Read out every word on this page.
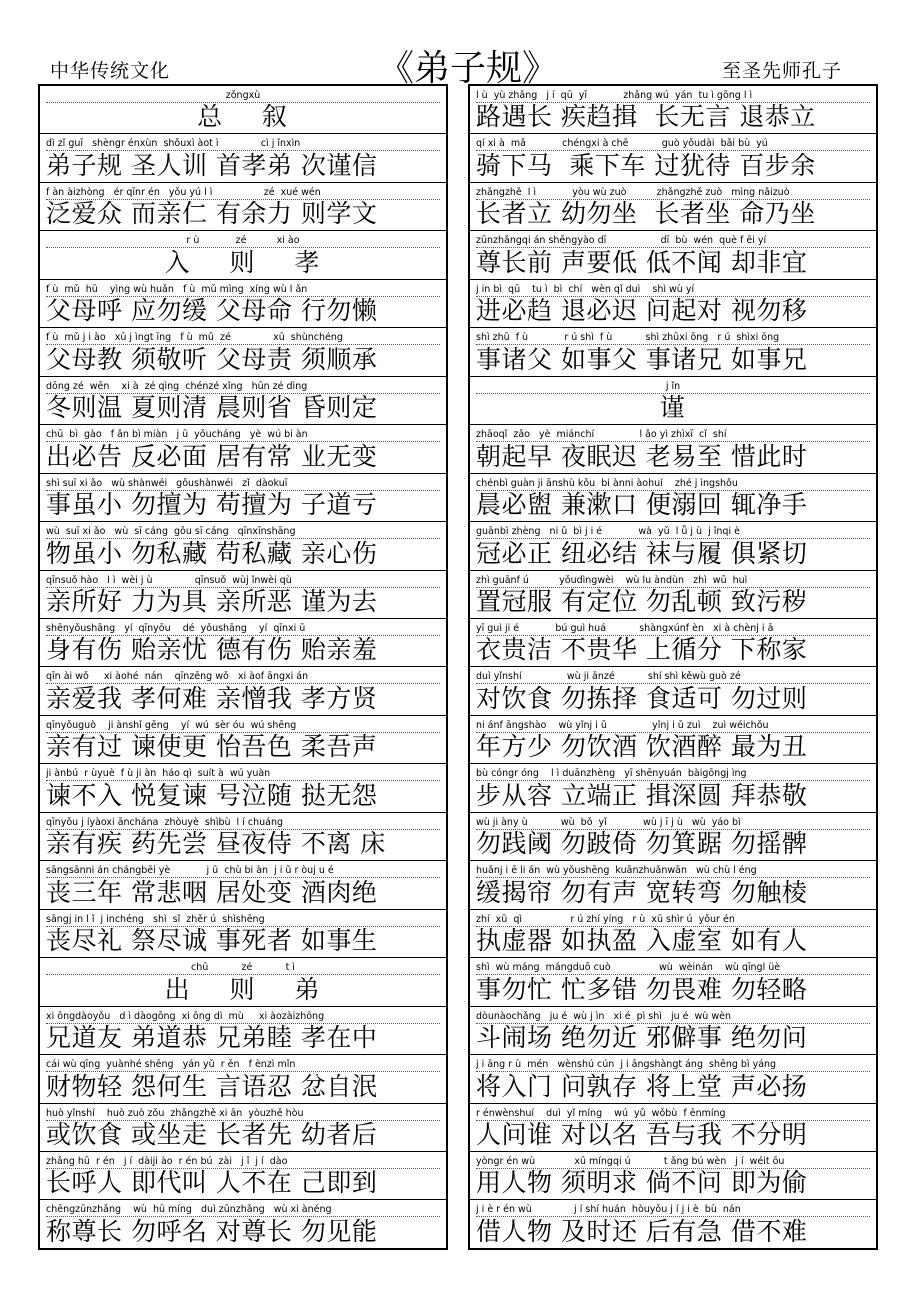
中华传统文化	《弟子规》	至圣先师孔子
zǒngxù
总   叙
dì zǐ guī   shèngr énxùn  shǒuxì àot ì              cì j ǐnxìn
弟子规 圣人训 首孝弟 次谨信
f àn àizhòng   ér qīnr én   yǒu yú l ì                 zé  xué wén
泛爱众 而亲仁 有余力 则学文
r ù            zé          xi ào
入   则   孝
f ù  mǔ  hū    yìng wù huǎn   f ù  mǔ mìng  xíng wù l ǎn
父母呼 应勿缓 父母命 行勿懒
f ù  mǔ j i ào   xū j ìngt īng   f ù  mǔ  zé              xū  shùnchéng
父母教 须敬听 父母责 须顺承
dōng zé  wēn    xi à  zé qìng  chénzé xǐng   hūn zé dìng
冬则温 夏则清 晨则省 昏则定
chū  bì  gào   f ǎn bì miàn   j ū  yǒucháng   yè  wú bi àn
出必告 反必面 居有常 业无变
shì suī xi ǎo   wù shànwéi   gǒushànwéi   zǐ  dàokuī
事虽小 勿擅为 苟擅为 子道亏
wù  suī xi ǎo   wù  sī cáng  gǒu sī cáng   qīnxīnshāng
物虽小 勿私藏 苟私藏 亲心伤
qīnsuǒ hào   l ì  wèi j ù              qīnsuǒ  wùj ǐnwèi qù
亲所好 力为具 亲所恶 谨为去
shēnyǒushāng   yí  qīnyōu    dé  yǒushāng    yí  qīnxi ū
身有伤 贻亲忧 德有伤 贻亲羞
qīn ài wǒ     xi àohé  nán    qīnzēng wǒ   xi àof āngxi án
亲爱我 孝何难 亲憎我 孝方贤
qīnyǒuguò    ji ànshǐ gēng    yí  wú  sèr óu  wú shēng
亲有过 谏使更 怡吾色 柔吾声
ji ànbú  r ùyuè  f ù ji àn  háo qì  suít à  wú yuàn
谏不入 悦复谏 号泣随 挞无怨
qīnyǒu j íyàoxi ānchána  zhòuyè  shìbù  l í chuáng
亲有疾 药先尝 昼夜侍 不离 床
sāngsānni án chángbēi yè            j ū  chù bi àn  j i ǔ r òuj u é
丧三年 常悲咽 居处变 酒肉绝
sāngj in l ǐ  j inchéng   shì  sǐ  zhěr ú  shìshēng
丧尽礼 祭尽诚 事死者 如事生
chū           zé           t ì
出   则   弟
xi ōngdàoyǒu   d ì dàogōng  xi ōng dì  mù     xi àozàizhōng
兄道友 弟道恭 兄弟睦 孝在中
cái wù qīng  yuànhé shēng   yán yǔ  r ěn   f ènzì mǐn
财物轻 怨何生 言语忍 忿自泯
huò yǐnshí    huò zuò zǒu  zhǎngzhě xi ān  yòuzhě hòu
或饮食 或坐走 长者先 幼者后
zhǎng hū  r én   j í  dàiji ào  r én bú  zài   j ǐ  j í  dào
长呼人 即代叫 人不在 己即到
chēngzūnzhǎng    wù  hū míng   duì zūnzhǎng   wù xi ànéng
称尊长 勿呼名 对尊长 勿见能
l ù  yù zhǎng   j í  qū  yī            zhǎng wú  yán  tu ì gōng l ì
路遇长 疾趋揖  长无言 退恭立
qí xi à  mǎ            chéngxi à chē           guò yǒudài  bǎi bù  yú
骑下马  乘下车 过犹待 百步余
zhǎngzhě  l ì            yòu wù zuò          zhǎngzhě zuò   mìng nǎizuò
长者立 幼勿坐  长者坐 命乃坐
zūnzhǎngqi án shēngyào dī                  dī  bù  wén  què f ēi yí
尊长前 声要低 低不闻 却非宜
j in bì  qū    tu ì  bì  chí   wèn qǐ duì    shì wù yí
进必趋 退必迟 问起对 视勿移
shì zhū  f ù            r ú shì  f ù           shì zhūxi ōng   r ú  shìxi ōng
事诸父 如事父 事诸兄 如事兄
j ǐn
谨
zhāoqǐ  zǎo   yè  miánchí               l ǎo yì zhìxī  cǐ  shí
朝起早 夜眠迟 老易至 惜此时
chénbì guàn ji ānshù kǒu  bi ànni àohuí    zhé j ìngshǒu
晨必盥 兼漱口 便溺回 辄净手
guānbì zhèng   ni ǔ  bì j i é            wà  yǔ  l ǚ j ù  j ǐnqi è
冠必正 纽必结 袜与履 俱紧切
zhì guānf ú          yǒudìngwèi    wù lu àndùn   zhì  wū  huì
置冠服 有定位 勿乱顿 致污秽
yī guì ji é            bú guì huá           shàngxúnf èn   xi à chènj i ā
衣贵洁 不贵华 上循分 下称家
duì yǐnshí               wù ji ǎnzé           shí shì kěwù guò zé
对饮食 勿拣择 食适可 勿过则
ni ánf āngshào    wù yǐnj i ǔ               yǐnj i ǔ zuì    zuì wéichǒu
年方少 勿饮酒 饮酒醉 最为丑
bù cóngr óng    l ì duānzhèng   yī shēnyuán  bàigōngj ìng
步从容 立端正 揖深圆 拜恭敬
wù ji àny ù           wù  bǒ  yǐ            wù j ī j ù   wù  yáo bì
勿践阈 勿跛倚 勿箕踞 勿摇髀
huǎnj i ē li án  wù yǒushēng  kuānzhuǎnwān   wù chù l éng
缓揭帘 勿有声 宽转弯 勿触棱
zhí  xū  qì                r ú zhí yíng   r ù  xū shìr ú  yǒur én
执虚器 如执盈 入虚室 如有人
shì  wù máng  mángduō cuò                wù  wèinán    wù qīngl üè
事勿忙 忙多错 勿畏难 勿轻略
dòunàochǎng   ju é  wù j ìn   xi é  pì shì   ju é  wù wèn
斗闹场 绝勿近 邪僻事 绝勿问
j i āng r ù  mén   wènshú cún  j i āngshàngt áng  shēng bì yáng
将入门 问孰存 将上堂 声必扬
r énwènshuí    duì  yǐ míng    wú  yǔ  wǒbù  f ēnmíng
人问谁 对以名 吾与我 不分明
yòngr én wù             xū míngqi ú           t ǎng bú wèn   j í  wéit ōu
用人物 须明求 倘不问 即为偷
j i è r én wù              j í shí huán  hòuyǒu j í j i è  bù  nán
借人物 及时还 后有急 借不难
